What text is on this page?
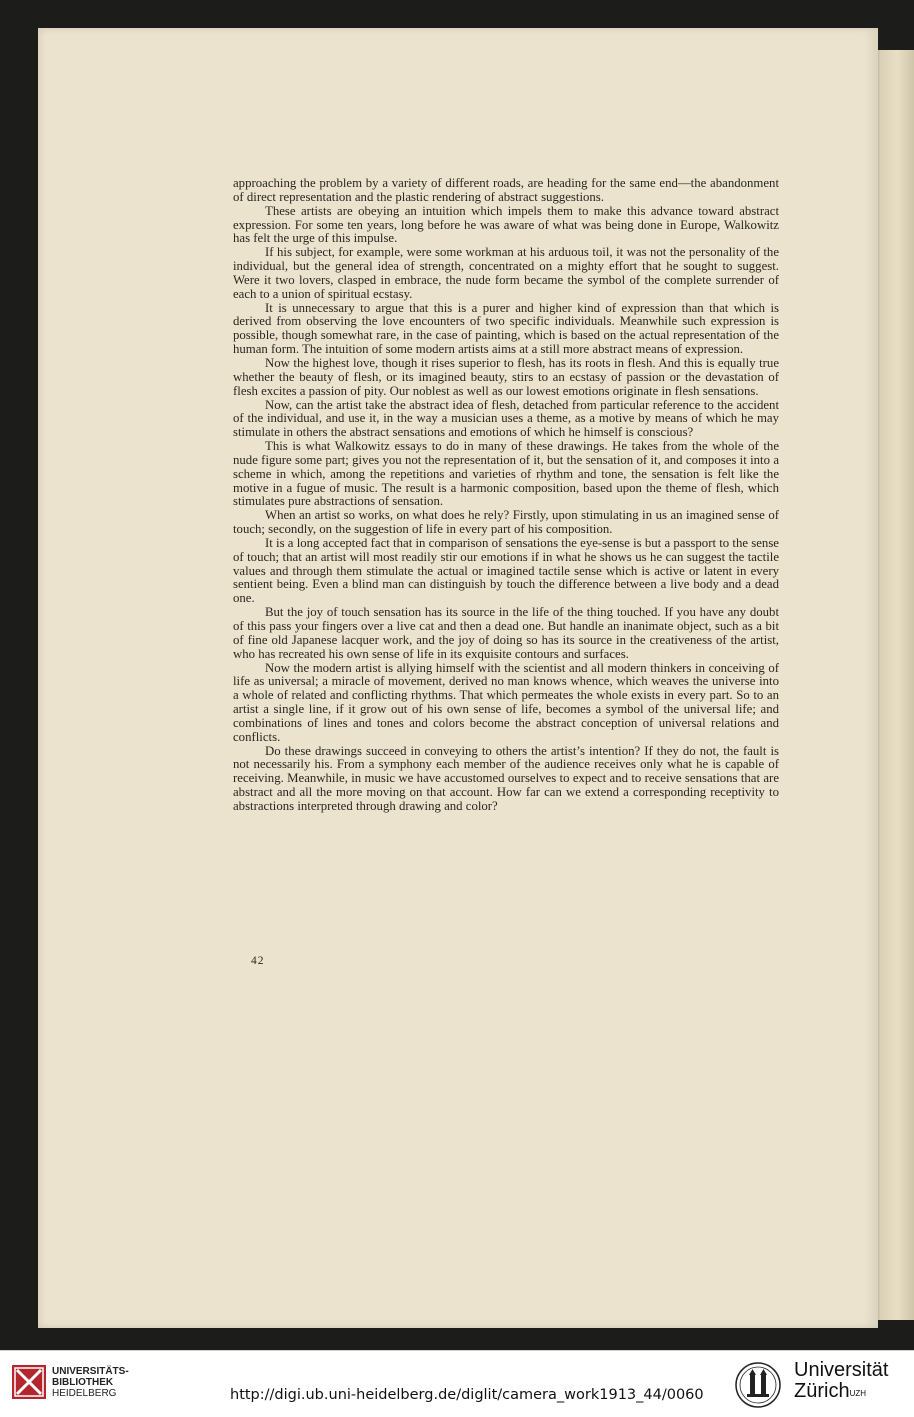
approaching the problem by a variety of different roads, are heading for the same end—the abandonment of direct representation and the plastic rendering of abstract suggestions.

These artists are obeying an intuition which impels them to make this advance toward abstract expression. For some ten years, long before he was aware of what was being done in Europe, Walkowitz has felt the urge of this impulse.

If his subject, for example, were some workman at his arduous toil, it was not the personality of the individual, but the general idea of strength, concentrated on a mighty effort that he sought to suggest. Were it two lovers, clasped in embrace, the nude form became the symbol of the complete surrender of each to a union of spiritual ecstasy.

It is unnecessary to argue that this is a purer and higher kind of expression than that which is derived from observing the love encounters of two specific individuals. Meanwhile such expression is possible, though somewhat rare, in the case of painting, which is based on the actual representation of the human form. The intuition of some modern artists aims at a still more abstract means of expression.

Now the highest love, though it rises superior to flesh, has its roots in flesh. And this is equally true whether the beauty of flesh, or its imagined beauty, stirs to an ecstasy of passion or the devastation of flesh excites a passion of pity. Our noblest as well as our lowest emotions originate in flesh sensations.

Now, can the artist take the abstract idea of flesh, detached from particular reference to the accident of the individual, and use it, in the way a musician uses a theme, as a motive by means of which he may stimulate in others the abstract sensations and emotions of which he himself is conscious?

This is what Walkowitz essays to do in many of these drawings. He takes from the whole of the nude figure some part; gives you not the representation of it, but the sensation of it, and composes it into a scheme in which, among the repetitions and varieties of rhythm and tone, the sensation is felt like the motive in a fugue of music. The result is a harmonic composition, based upon the theme of flesh, which stimulates pure abstractions of sensation.

When an artist so works, on what does he rely? Firstly, upon stimulating in us an imagined sense of touch; secondly, on the suggestion of life in every part of his composition.

It is a long accepted fact that in comparison of sensations the eye-sense is but a passport to the sense of touch; that an artist will most readily stir our emotions if in what he shows us he can suggest the tactile values and through them stimulate the actual or imagined tactile sense which is active or latent in every sentient being. Even a blind man can distinguish by touch the difference between a live body and a dead one.

But the joy of touch sensation has its source in the life of the thing touched. If you have any doubt of this pass your fingers over a live cat and then a dead one. But handle an inanimate object, such as a bit of fine old Japanese lacquer work, and the joy of doing so has its source in the creativeness of the artist, who has recreated his own sense of life in its exquisite contours and surfaces.

Now the modern artist is allying himself with the scientist and all modern thinkers in conceiving of life as universal; a miracle of movement, derived no man knows whence, which weaves the universe into a whole of related and conflicting rhythms. That which permeates the whole exists in every part. So to an artist a single line, if it grow out of his own sense of life, becomes a symbol of the universal life; and combinations of lines and tones and colors become the abstract conception of universal relations and conflicts.

Do these drawings succeed in conveying to others the artist’s intention? If they do not, the fault is not necessarily his. From a symphony each member of the audience receives only what he is capable of receiving. Meanwhile, in music we have accustomed ourselves to expect and to receive sensations that are abstract and all the more moving on that account. How far can we extend a corresponding receptivity to abstractions interpreted through drawing and color?

42
UNIVERSITÄTS-
BIBLIOTHEK
HEIDELBERG	http://digi.ub.uni-heidelberg.de/diglit/camera_work1913_44/0060
Universität
Zürich$^{UZH}$
